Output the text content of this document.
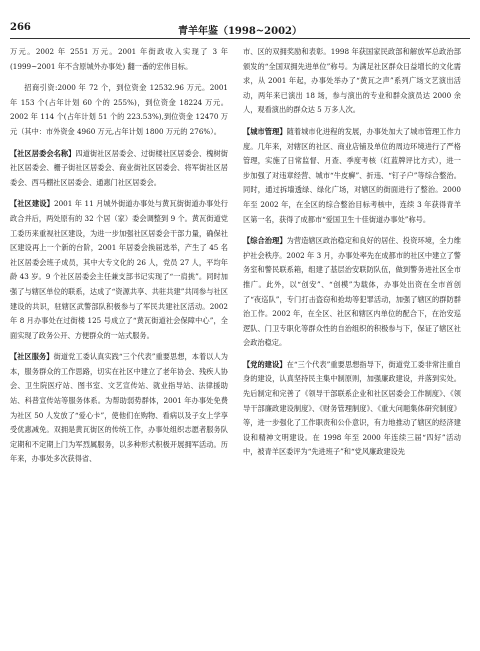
266	青羊年鉴（1998~2002）

万元。2002 年 2551 万元。2001 年街政收入实现了 3 年(1999~2001 年不含原城外办事处) 翻一番的宏伟目标。

招商引资:2000 年 72 个，到位资金 12532.96 万元。2001 年 153 个(占年计划 60 个的 255%)，到位资金 18224 万元。2002 年 114 个(占年计划 51 个的 223.53%),到位资金 12470 万元（其中：市外资金 4960 万元,占年计划 1800 万元的 276%）。

【社区居委会名称】四道街社区居委会、过街楼社区居委会、槐树街社区居委会、栅子街社区居委会、商业街社区居委会、将军街社区居委会、西马棚社区居委会、通惠门社区居委会。

【社区建设】2001 年 11 月城外街道办事处与黄瓦街街道办事处行政合并后，两处原有的 32 个居（家）委会调整到 9 个。黄瓦街道党工委历来重视社区建设，为进一步加强社区居委会干部力量，确保社区建设再上一个新的台阶，2001 年居委会换届选举，产生了 45 名社区居委会班子成员，其中大专文化的 26 人，党员 27 人，平均年龄 43 岁。9 个社区居委会主任兼支部书记实现了“一肩挑”。同时加强了与辖区单位的联系，达成了“资源共享、共驻共建”共同参与社区建设的共识，驻辖区武警部队积极参与了军民共建社区活动。2002 年 8 月办事处在过街楼 125 号成立了“黄瓦街道社会保障中心”，全面实现了政务公开、方便群众的一站式服务。

【社区服务】街道党工委认真实践“三个代表”重要思想，本着以人为本，服务群众的工作思路，切实在社区中建立了老年协会、残疾人协会、卫生院医疗站、图书室、文艺宣传站、就业指导站、法律援助站、科普宣传站等服务体系。为帮助弱势群体，2001 年办事处免费为社区 50 人发放了“爱心卡”，使他们在购物、看病以及子女上学享受优惠减免。双拥是黄瓦街区的传统工作，办事处组织志愿者服务队定期和不定期上门为军烈属服务，以多种形式积极开展拥军活动。历年来，办事处多次获得省、

市、区的双拥奖励和表彰。1998 年获国家民政部和解放军总政治部颁发的“全国双拥先进单位”称号。为满足社区群众日益增长的文化需求，从 2001 年起，办事处举办了“黄瓦之声”系列广场文艺演出活动，两年来已演出 18 场，参与演出的专业和群众演员达 2000 余人，观看演出的群众达 5 万多人次。

【城市管理】随着城市化进程的发展，办事处加大了城市管理工作力度。几年来，对辖区的社区、商业店铺及单位的周边环境进行了严格管理，实施了日常监督、月查、季度考核（红蓝牌评比方式），进一步加强了对违章经营、城市“牛皮癣”、折违、“钉子户”等综合整治。同时，通过拆墙透绿、绿化广场，对辖区的街面进行了整治。2000 年至 2002 年，在全区的综合整治目标考核中，连续 3 年获得青羊区第一名，获得了成都市“爱国卫生十佳街道办事处”称号。

【综合治理】为营造辖区政治稳定和良好的居住、投资环境，全力维护社会秩序。2002 年 3 月，办事处率先在成都市的社区中建立了警务室和警民联系箱，组建了基层治安联防队伍，做到警务进社区全市推广。此外，以“创安”、“创模”为载体，办事处出资在全市首创了“夜巡队”，专门打击盗窃和抢劫等犯罪活动，加强了辖区的群防群治工作。2002 年，在全区、社区和辖区内单位的配合下，在治安巡逻队、门卫专职化等群众性的自治组织的积极参与下，保证了辖区社会政治稳定。

【党的建设】在“三个代表”重要思想指导下，街道党工委非常注重自身的建设，认真坚持民主集中制原则，加强廉政建设，并落到实处。先后制定和完善了《领导干部联系企业和社区居委会工作制度》、《领导干部廉政建设制度》、《财务管理制度》、《重大问题集体研究制度》等，进一步强化了工作职责和公仆意识，有力地推动了辖区的经济建设和精神文明建设。在 1998 年至 2000 年连续三届“四好”活动中，被青羊区委评为“先进班子”和“党风廉政建设先
